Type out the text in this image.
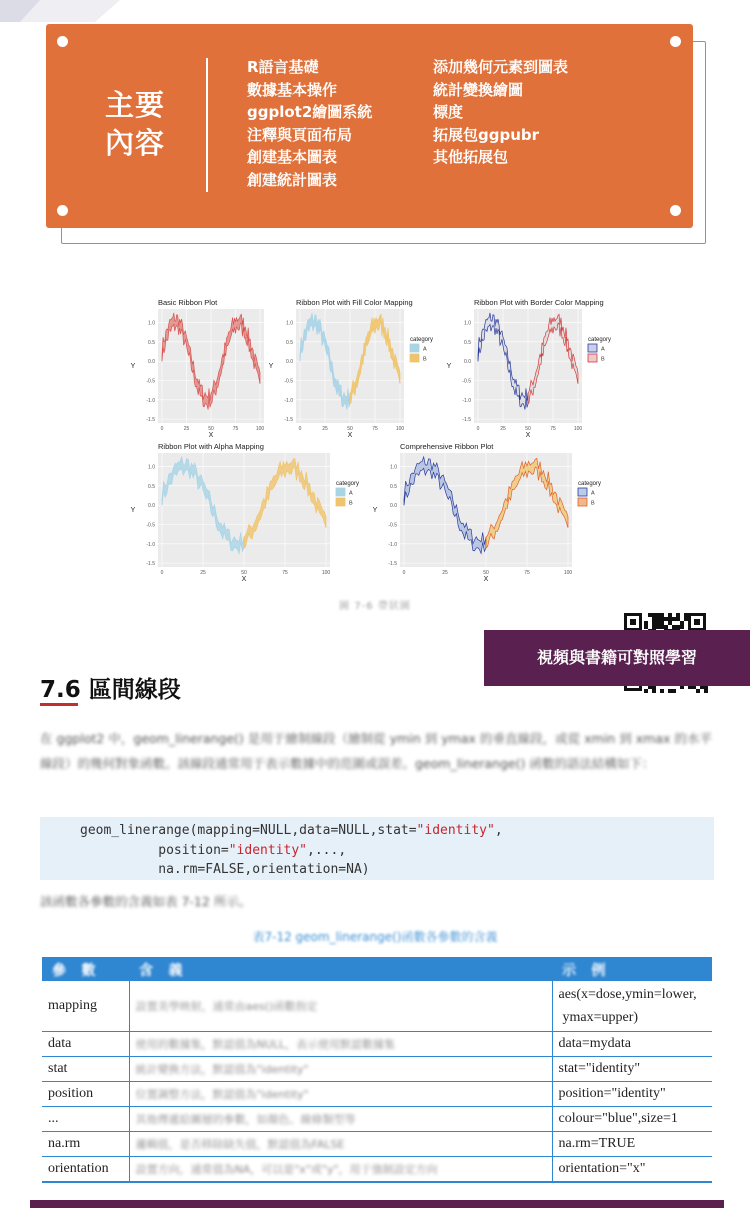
主要
內容
R語言基礎
數據基本操作
ggplot2繪圖系統
注釋與頁面布局
創建基本圖表
創建統計圖表
添加幾何元素到圖表
統計變換繪圖
標度
拓展包ggpubr
其他拓展包
Basic Ribbon Plot
1.0
0.5
0.0
-0.5
-1.0
-1.5
0	25	50	75	100
X
Y
Ribbon Plot with Fill Color Mapping
1.0
0.5
0.0
-0.5
-1.0
-1.5
0	25	50	75	100
X
Y
category
A
B
Ribbon Plot with Border Color Mapping
1.0
0.5
0.0
-0.5
-1.0
-1.5
0	25	50	75	100
X
Y
category
A
B
Ribbon Plot with Alpha Mapping
1.0
0.5
0.0
-0.5
-1.0
-1.5
0	25	50	75	100
X
Y
category
A
B
Comprehensive Ribbon Plot
1.0
0.5
0.0
-0.5
-1.0
-1.5
0	25	50	75	100
X
Y
category
A
B
圖 7-6 帶狀圖
視頻與書籍可對照學習
7.6 區間線段
在 ggplot2 中，geom_linerange() 是用于繪制線段（繪制從 ymin 到 ymax 的垂直線段，或從 xmin 到 xmax 的水平線段）的幾何對象函數。該線段通常用于表示數據中的范圍或誤差。geom_linerange() 函數的語法結構如下：
geom_linerange(mapping=NULL,data=NULL,stat="identity",
position="identity",...,
na.rm=FALSE,orientation=NA)
該函數各參數的含義如表 7-12 所示。
表7-12 geom_linerange()函數各參數的含義
參 數	含 義	示 例
mapping	設置美學映射，通常由aes()函數指定	aes(x=dose,ymin=lower,
ymax=upper)

data	使用的數據集，默認值為NULL，表示使用默認數據集	data=mydata
stat	統計變換方法，默認值為"identity"	stat="identity"
position	位置調整方法，默認值為"identity"	position="identity"
...	其他傳遞給圖層的參數，如顏色、線條類型等	colour="blue",size=1
na.rm	邏輯值，是否移除缺失值，默認值為FALSE	na.rm=TRUE
orientation	設置方向，通常值為NA，可以是"x"或"y"，用于強制設定方向	orientation="x"
